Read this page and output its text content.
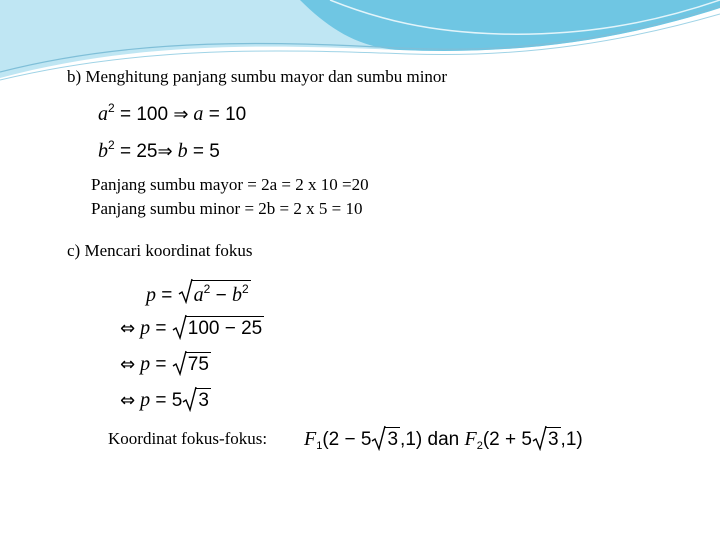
b) Menghitung panjang sumbu mayor dan sumbu minor
$a^2 = 100$ ⇒ a = 10
$b^2$ = 25⇒ b = 5
Panjang sumbu mayor = 2a = 2 x 10 =20
Panjang sumbu minor = 2b = 2 x 5 = 10
c) Mencari koordinat fokus
p =
$a^2 - b^2$
⇔ p =
100 − 25
⇔ p =
75
⇔ p = 5 3
Koordinat fokus-fokus: $F_1(2 - 5$ 3 ,1) dan $F_2(2 + 5$ 3 ,1)
